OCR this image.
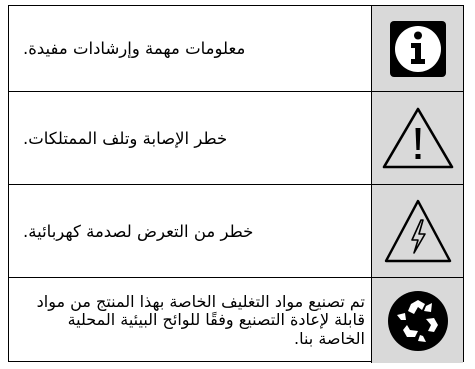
معلومات مهمة وإرشادات مفيدة.
خطر الإصابة وتلف الممتلكات.
خطر من التعرض لصدمة كهربائية.
تم تصنيع مواد التغليف الخاصة بهذا المنتج من مواد قابلة لإعادة التصنيع وفقًا للوائح البيئية المحلية الخاصة بنا.
